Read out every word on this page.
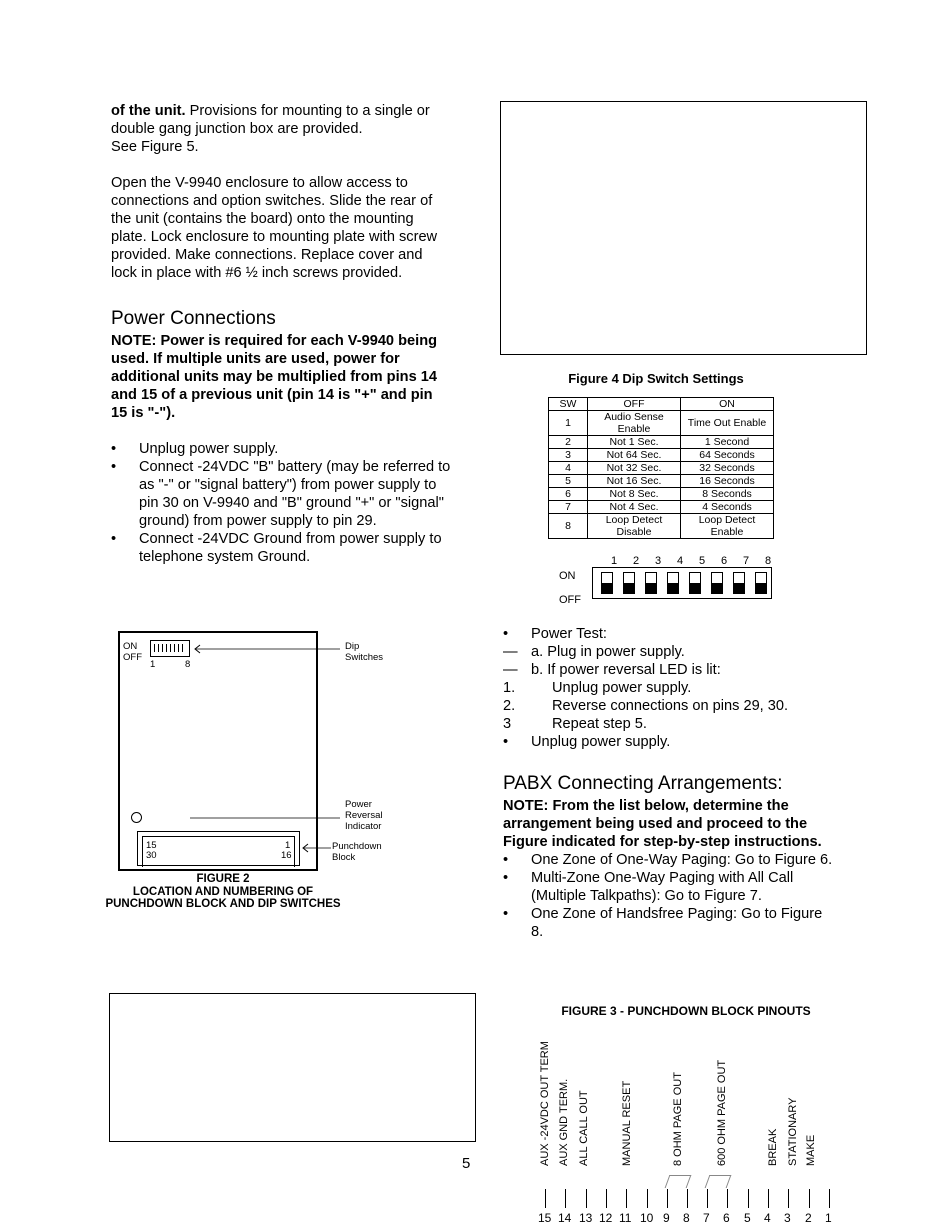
of the unit. Provisions for mounting to a single or double gang junction box are provided.
See Figure 5.

Open the V-9940 enclosure to allow access to connections and option switches. Slide the rear of the unit (contains the board) onto the mounting plate. Lock enclosure to mounting plate with screw provided. Make connections. Replace cover and lock in place with #6 ½ inch screws provided.

Power Connections

NOTE: Power is required for each V-9940 being used. If multiple units are used, power for additional units may be multiplied from pins 14 and 15 of a previous unit (pin 14 is "+" and pin 15 is "-").

• Unplug power supply.

• Connect -24VDC "B" battery (may be referred to as "-" or "signal battery") from power supply to pin 30 on V-9940 and "B" ground "+" or "signal" ground) from power supply to pin 29.

• Connect -24VDC Ground from power supply to telephone system Ground.

ON
OFF
1	8
Dip Switches
Power Reversal Indicator
15
30
1
16
Punchdown Block
FIGURE 2
LOCATION AND NUMBERING OF
PUNCHDOWN BLOCK AND DIP SWITCHES
5
Figure 4 Dip Switch Settings
SW	OFF	ON
1	Audio Sense Enable	Time Out Enable
2	Not 1 Sec.	1 Second
3	Not 64 Sec.	64 Seconds
4	Not 32 Sec.	32 Seconds
5	Not 16 Sec.	16 Seconds
6	Not 8 Sec.	8 Seconds
7	Not 4 Sec.	4 Seconds
8	Loop Detect Disable	Loop Detect Enable
1 2 3 4 5 6 7 8
ON
OFF

• Power Test:

— a. Plug in power supply.

— b. If power reversal LED is lit:

1.	Unplug power supply.

2.	Reverse connections on pins 29, 30.

3	Repeat step 5.

• Unplug power supply.

PABX Connecting Arrangements:

NOTE: From the list below, determine the arrangement being used and proceed to the Figure indicated for step-by-step instructions.

• One Zone of One-Way Paging: Go to Figure 6.

• Multi-Zone One-Way Paging with All Call (Multiple Talkpaths): Go to Figure 7.

• One Zone of Handsfree Paging: Go to Figure 8.

FIGURE 3 - PUNCHDOWN BLOCK PINOUTS
15 14 13 12 11 10 9 8 7 6 5 4 3 2 1
AUX -24VDC OUT TERM AUX GND TERM. ALL CALL OUT	MANUAL RESET	8 OHM PAGE OUT	600 OHM PAGE OUT	BREAK STATIONARY MAKE
